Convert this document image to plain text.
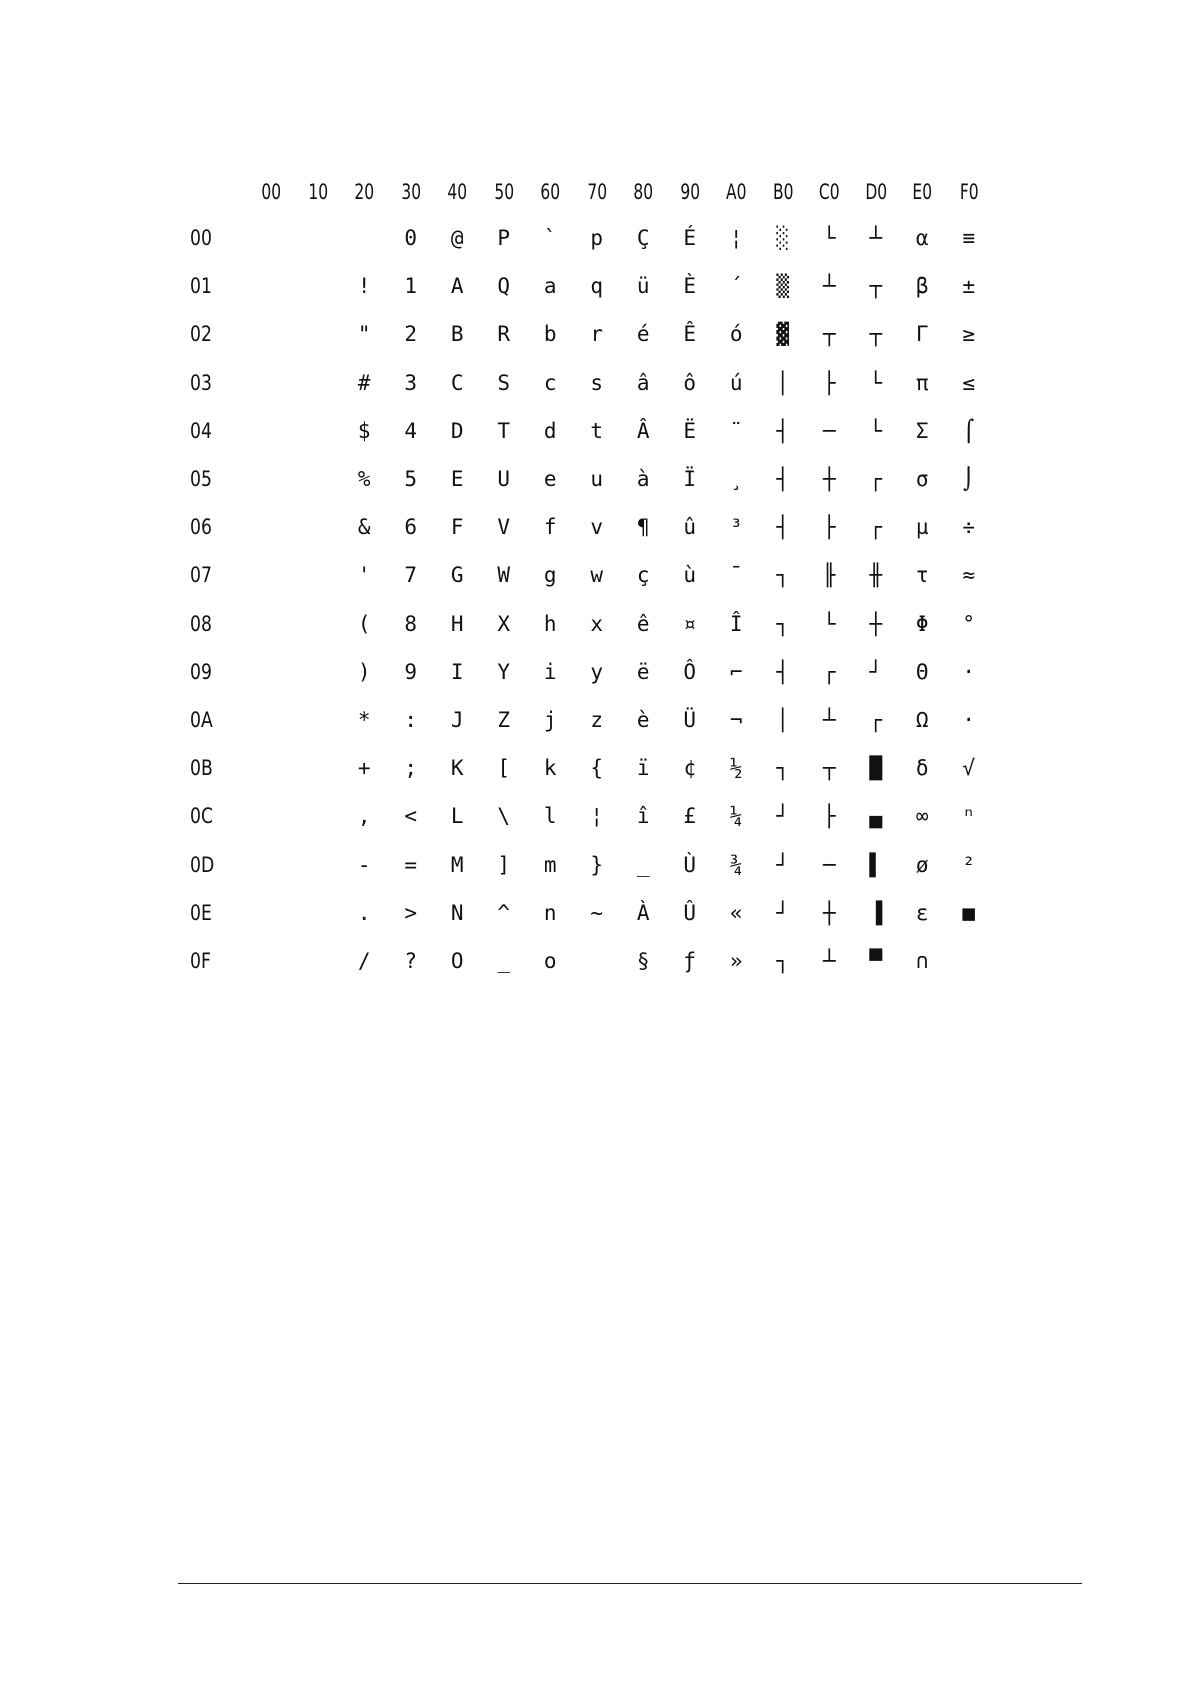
	00	10	20	30	40	50	60	70	80	90	A0	B0	C0	D0	E0	F0
00				0	@	P	`	p	Ç	É	¦	░	└	┴	α	≡
01			!	1	A	Q	a	q	ü	È	´	▒	┴	┬	β	±
02			"	2	B	R	b	r	é	Ê	ó	▓	┬	┬	Γ	≥
03			#	3	C	S	c	s	â	ô	ú	│	├	└	π	≤
04			$	4	D	T	d	t	Â	Ë	¨	┤	─	└	Σ	⌠
05			%	5	E	U	e	u	à	Ï	¸	┤	┼	┌	σ	⌡
06			&	6	F	V	f	v	¶	û	³	┤	├	┌	µ	÷
07			'	7	G	W	g	w	ç	ù	¯	┐	╟	╫	τ	≈
08			(	8	H	X	h	x	ê	¤	Î	┐	└	┼	Φ	°
09			)	9	I	Y	i	y	ë	Ô	⌐	┤	┌	┘	Θ	·
0A			*	:	J	Z	j	z	è	Ü	¬	│	┴	┌	Ω	·
0B			+	;	K	[	k	{	ï	¢	½	┐	┬	█	δ	√
0C			,	<	L	\	l	¦	î	£	¼	┘	├	▄	∞	ⁿ
0D			-	=	M	]	m	}	_	Ù	¾	┘	─	▌	ø	²
0E			.	>	N	^	n	~	À	Û	«	┘	┼	▐	ε	■
0F			/	?	O	_	o		§	ƒ	»	┐	┴	▀	∩	
